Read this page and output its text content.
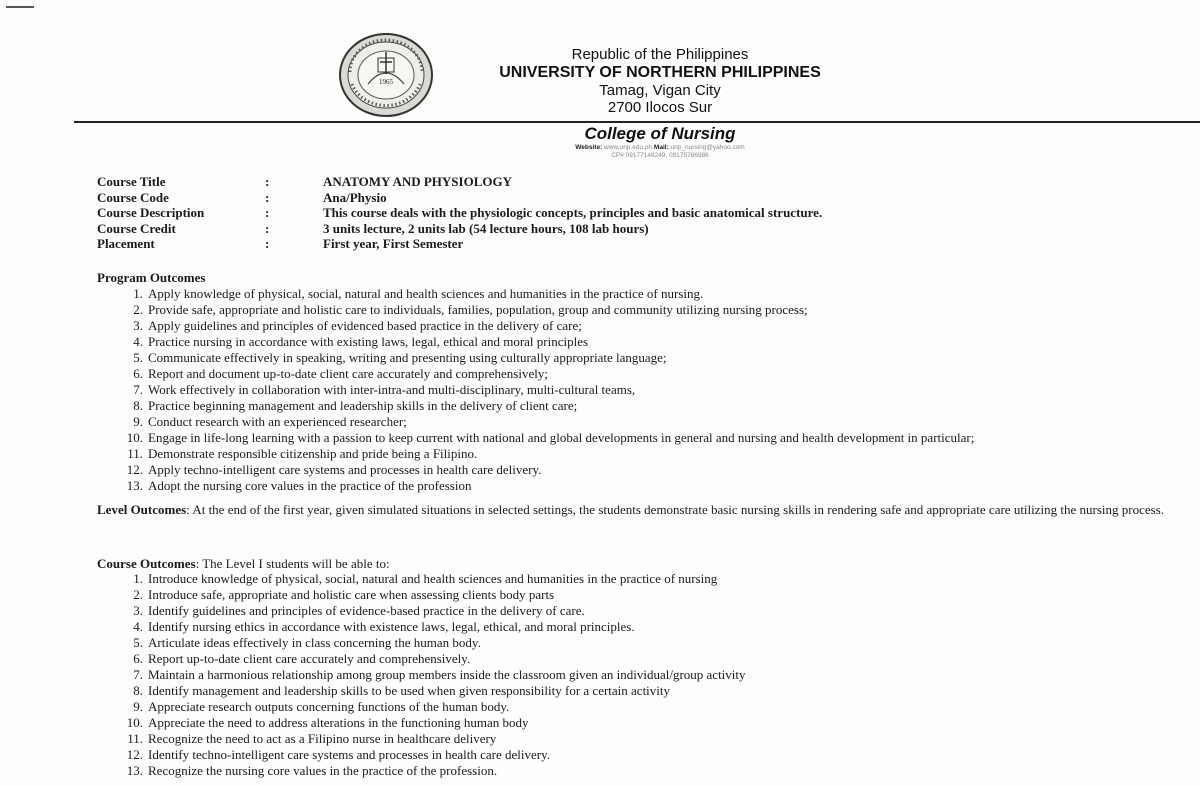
1965
Republic of the Philippines
UNIVERSITY OF NORTHERN PHILIPPINES
Tamag, Vigan City
2700 Ilocos Sur
College of Nursing
Website: www.unp.edu.ph Mail: unp_nursing@yahoo.com
CP# 09177148249, 09175786986
Course Title	:	ANATOMY AND PHYSIOLOGY
Course Code	:	Ana/Physio
Course Description	:	This course deals with the physiologic concepts, principles and basic anatomical structure.
Course Credit	:	3 units lecture, 2 units lab (54 lecture hours, 108 lab hours)
Placement	:	First year, First Semester
Program Outcomes
1. Apply knowledge of physical, social, natural and health sciences and humanities in the practice of nursing.
2. Provide safe, appropriate and holistic care to individuals, families, population, group and community utilizing nursing process;
3. Apply guidelines and principles of evidenced based practice in the delivery of care;
4. Practice nursing in accordance with existing laws, legal, ethical and moral principles
5. Communicate effectively in speaking, writing and presenting using culturally appropriate language;
6. Report and document up-to-date client care accurately and comprehensively;
7. Work effectively in collaboration with inter-intra-and multi-disciplinary, multi-cultural teams,
8. Practice beginning management and leadership skills in the delivery of client care;
9. Conduct research with an experienced researcher;
10. Engage in life-long learning with a passion to keep current with national and global developments in general and nursing and health development in particular;
11. Demonstrate responsible citizenship and pride being a Filipino.
12. Apply techno-intelligent care systems and processes in health care delivery.
13. Adopt the nursing core values in the practice of the profession
Level Outcomes: At the end of the first year, given simulated situations in selected settings, the students demonstrate basic nursing skills in rendering safe and appropriate care utilizing the nursing process.
Course Outcomes: The Level I students will be able to:
1. Introduce knowledge of physical, social, natural and health sciences and humanities in the practice of nursing
2. Introduce safe, appropriate and holistic care when assessing clients body parts
3. Identify guidelines and principles of evidence-based practice in the delivery of care.
4. Identify nursing ethics in accordance with existence laws, legal, ethical, and moral principles.
5. Articulate ideas effectively in class concerning the human body.
6. Report up-to-date client care accurately and comprehensively.
7. Maintain a harmonious relationship among group members inside the classroom given an individual/group activity
8. Identify management and leadership skills to be used when given responsibility for a certain activity
9. Appreciate research outputs concerning functions of the human body.
10. Appreciate the need to address alterations in the functioning human body
11. Recognize the need to act as a Filipino nurse in healthcare delivery
12. Identify techno-intelligent care systems and processes in health care delivery.
13. Recognize the nursing core values in the practice of the profession.
